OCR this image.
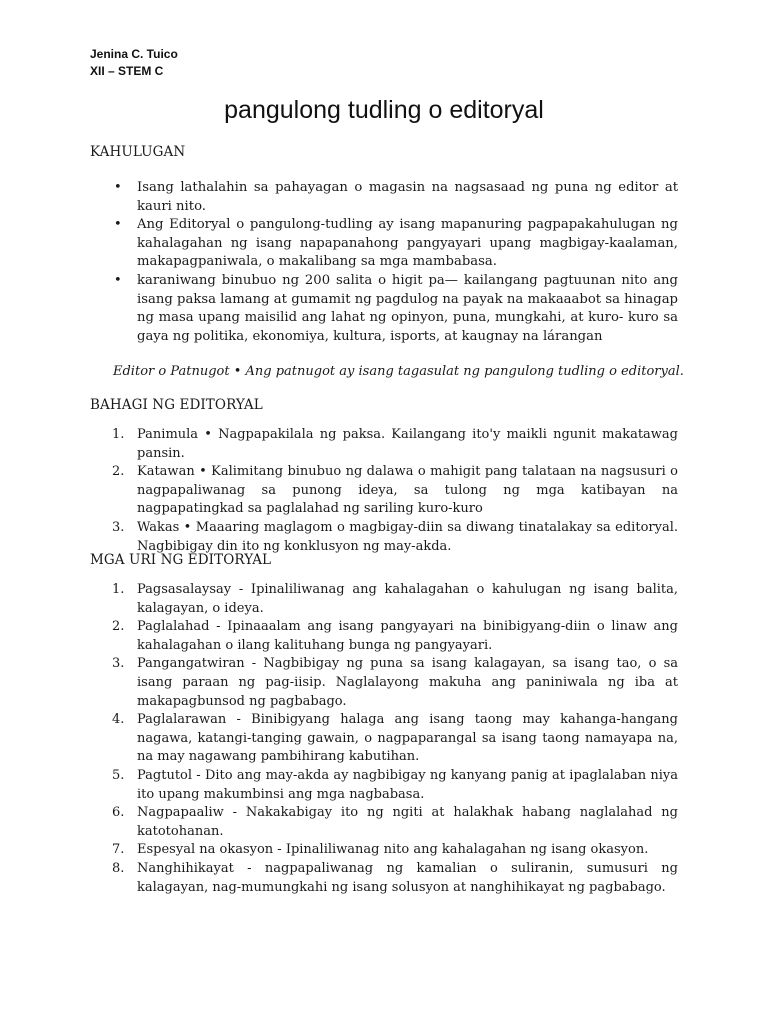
Jenina C. Tuico
XII – STEM C
pangulong tudling o editoryal
KAHULUGAN
• Isang lathalahin sa pahayagan o magasin na nagsasaad ng puna ng editor at kauri nito.
• Ang Editoryal o pangulong-tudling ay isang mapanuring pagpapakahulugan ng kahalagahan ng isang napapanahong pangyayari upang magbigay-kaalaman, makapagpaniwala, o makalibang sa mga mambabasa.
• karaniwang binubuo ng 200 salita o higit pa— kailangang pagtuunan nito ang isang paksa lamang at gumamit ng pagdulog na payak na makaaabot sa hinagap ng masa upang maisilid ang lahat ng opinyon, puna, mungkahi, at kuro- kuro sa gaya ng politika, ekonomiya, kultura, isports, at kaugnay na lárangan
Editor o Patnugot • Ang patnugot ay isang tagasulat ng pangulong tudling o editoryal.
BAHAGI NG EDITORYAL
1. Panimula • Nagpapakilala ng paksa. Kailangang ito'y maikli ngunit makatawag pansin.
2. Katawan • Kalimitang binubuo ng dalawa o mahigit pang talataan na nagsusuri o nagpapaliwanag sa punong ideya, sa tulong ng mga katibayan na nagpapatingkad sa paglalahad ng sariling kuro-kuro
3. Wakas • Maaaring maglagom o magbigay-diin sa diwang tinatalakay sa editoryal. Nagbibigay din ito ng konklusyon ng may-akda.
MGA URI NG EDITORYAL
1. Pagsasalaysay - Ipinaliliwanag ang kahalagahan o kahulugan ng isang balita, kalagayan, o ideya.
2. Paglalahad - Ipinaaalam ang isang pangyayari na binibigyang-diin o linaw ang kahalagahan o ilang kalituhang bunga ng pangyayari.
3. Pangangatwiran - Nagbibigay ng puna sa isang kalagayan, sa isang tao, o sa isang paraan ng pag-iisip. Naglalayong makuha ang paniniwala ng iba at makapagbunsod ng pagbabago.
4. Paglalarawan - Binibigyang halaga ang isang taong may kahanga-hangang nagawa, katangi-tanging gawain, o nagpaparangal sa isang taong namayapa na, na may nagawang pambihirang kabutihan.
5. Pagtutol - Dito ang may-akda ay nagbibigay ng kanyang panig at ipaglalaban niya ito upang makumbinsi ang mga nagbabasa.
6. Nagpapaaliw - Nakakabigay ito ng ngiti at halakhak habang naglalahad ng katotohanan.
7. Espesyal na okasyon - Ipinaliliwanag nito ang kahalagahan ng isang okasyon.
8. Nanghihikayat - nagpapaliwanag ng kamalian o suliranin, sumusuri ng kalagayan, nag-mumungkahi ng isang solusyon at nanghihikayat ng pagbabago.
